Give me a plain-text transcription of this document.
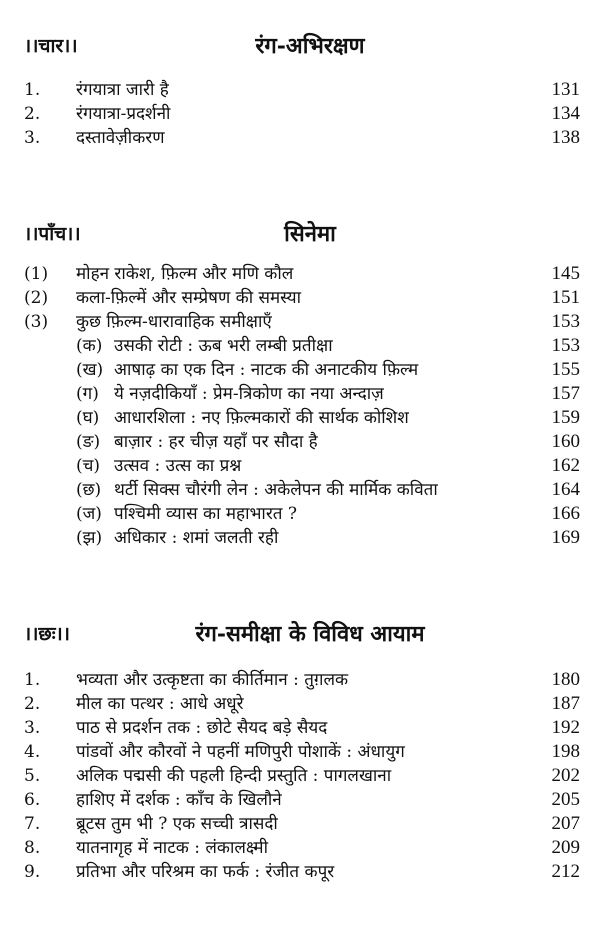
।।चार।।	रंग-अभिरक्षण
1. रंगयात्रा जारी है	131
2. रंगयात्रा-प्रदर्शनी	134
3. दस्तावेज़ीकरण	138
।।पाँच।।	सिनेमा
(1) मोहन राकेश, फ़िल्म और मणि कौल	145
(2) कला-फ़िल्में और सम्प्रेषण की समस्या	151
(3) कुछ फ़िल्म-धारावाहिक समीक्षाएँ	153
(क) उसकी रोटी : ऊब भरी लम्बी प्रतीक्षा	153
(ख) आषाढ़ का एक दिन : नाटक की अनाटकीय फ़िल्म	155
(ग) ये नज़दीकियाँ : प्रेम-त्रिकोण का नया अन्दाज़	157
(घ) आधारशिला : नए फ़िल्मकारों की सार्थक कोशिश	159
(ङ) बाज़ार : हर चीज़ यहाँ पर सौदा है	160
(च) उत्सव : उत्स का प्रश्न	162
(छ) थर्टी सिक्स चौरंगी लेन : अकेलेपन की मार्मिक कविता	164
(ज) पश्चिमी व्यास का महाभारत ?	166
(झ) अधिकार : शमां जलती रही	169
।।छः।।	रंग-समीक्षा के विविध आयाम
1. भव्यता और उत्कृष्टता का कीर्तिमान : तुग़लक	180
2. मील का पत्थर : आधे अधूरे	187
3. पाठ से प्रदर्शन तक : छोटे सैयद बड़े सैयद	192
4. पांडवों और कौरवों ने पहनीं मणिपुरी पोशाकें : अंधायुग	198
5. अलिक पद्मसी की पहली हिन्दी प्रस्तुति : पागलखाना	202
6. हाशिए में दर्शक : काँच के खिलौने	205
7. ब्रूटस तुम भी ? एक सच्ची त्रासदी	207
8. यातनागृह में नाटक : लंकालक्ष्मी	209
9. प्रतिभा और परिश्रम का फर्क : रंजीत कपूर	212
